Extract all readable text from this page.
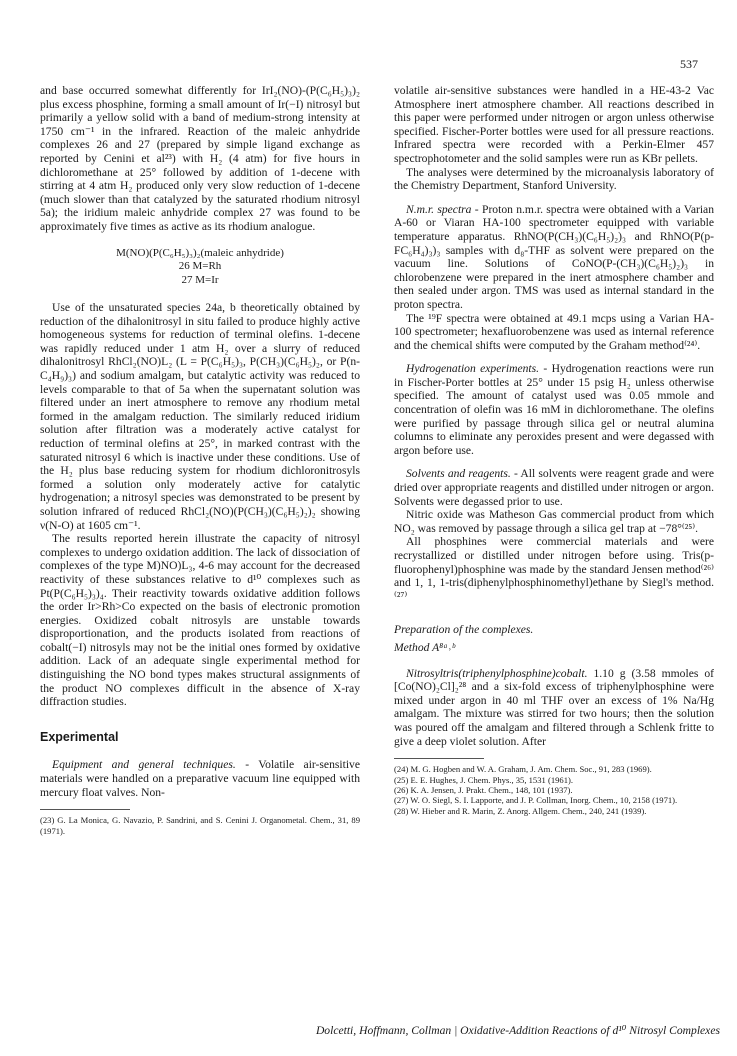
537

and base occurred somewhat differently for IrI₂(NO)-(P(C₆H₅)₃)₂ plus excess phosphine, forming a small amount of Ir(−I) nitrosyl but primarily a yellow solid with a band of medium-strong intensity at 1750 cm⁻¹ in the infrared. Reaction of the maleic anhydride complexes 26 and 27 (prepared by simple ligand exchange as reported by Cenini et al²³) with H₂ (4 atm) for five hours in dichloromethane at 25° followed by addition of 1-decene with stirring at 4 atm H₂ produced only very slow reduction of 1-decene (much slower than that catalyzed by the saturated rhodium nitrosyl 5a); the iridium maleic anhydride complex 27 was found to be approximately five times as active as its rhodium analogue.

M(NO)(P(C₆H₅)₃)₂(maleic anhydride)
26 M=Rh
27 M=Ir

Use of the unsaturated species 24a, b theoretically obtained by reduction of the dihalonitrosyl in situ failed to produce highly active homogeneous systems for reduction of terminal olefins. 1-decene was rapidly reduced under 1 atm H₂ over a slurry of reduced dihalonitrosyl RhCl₂(NO)L₂ (L = P(C₆H₅)₃, P(CH₃)(C₆H₅)₂, or P(n-C₄H₉)₃) and sodium amalgam, but catalytic activity was reduced to levels comparable to that of 5a when the supernatant solution was filtered under an inert atmosphere to remove any rhodium metal formed in the amalgam reduction. The similarly reduced iridium solution after filtration was a moderately active catalyst for reduction of terminal olefins at 25°, in marked contrast with the saturated nitrosyl 6 which is inactive under these conditions. Use of the H₂ plus base reducing system for rhodium dichloronitrosyls formed a solution only moderately active for catalytic hydrogenation; a nitrosyl species was demonstrated to be present by solution infrared of reduced RhCl₂(NO)(P(CH₃)(C₆H₅)₂)₂ showing ν(N-O) at 1605 cm⁻¹.

The results reported herein illustrate the capacity of nitrosyl complexes to undergo oxidation addition. The lack of dissociation of complexes of the type M)NO)L₃, 4-6 may account for the decreased reactivity of these substances relative to d¹⁰ complexes such as Pt(P(C₆H₅)₃)₄. Their reactivity towards oxidative addition follows the order Ir>Rh>Co expected on the basis of electronic promotion energies. Oxidized cobalt nitrosyls are unstable towards disproportionation, and the products isolated from reactions of cobalt(−I) nitrosyls may not be the initial ones formed by oxidative addition. Lack of an adequate single experimental method for distinguishing the NO bond types makes structural assignments of the product NO complexes difficult in the absence of X-ray diffraction studies.

Experimental

Equipment and general techniques. - Volatile air-sensitive materials were handled on a preparative vacuum line equipped with mercury float valves. Non-

(23) G. La Monica, G. Navazio, P. Sandrini, and S. Cenini J. Organometal. Chem., 31, 89 (1971).

volatile air-sensitive substances were handled in a HE-43-2 Vac Atmosphere inert atmosphere chamber. All reactions described in this paper were performed under nitrogen or argon unless otherwise specified. Fischer-Porter bottles were used for all pressure reactions. Infrared spectra were recorded with a Perkin-Elmer 457 spectrophotometer and the solid samples were run as KBr pellets.

The analyses were determined by the microanalysis laboratory of the Chemistry Department, Stanford University.

N.m.r. spectra - Proton n.m.r. spectra were obtained with a Varian A-60 or Viaran HA-100 spectrometer equipped with variable temperature apparatus. RhNO(P(CH₃)(C₆H₅)₂)₃ and RhNO(P(p-FC₆H₄)₃)₃ samples with d₈-THF as solvent were prepared on the vacuum line. Solutions of CoNO(P-(CH₃)(C₆H₅)₂)₃ in chlorobenzene were prepared in the inert atmosphere chamber and then sealed under argon. TMS was used as internal standard in the proton spectra.

The ¹⁹F spectra were obtained at 49.1 mcps using a Varian HA-100 spectrometer; hexafluorobenzene was used as internal reference and the chemical shifts were computed by the Graham method⁽²⁴⁾.

Hydrogenation experiments. - Hydrogenation reactions were run in Fischer-Porter bottles at 25° under 15 psig H₂ unless otherwise specified. The amount of catalyst used was 0.05 mmole and concentration of olefin was 16 mM in dichloromethane. The olefins were purified by passage through silica gel or neutral alumina columns to eliminate any peroxides present and were degassed with argon before use.

Solvents and reagents. - All solvents were reagent grade and were dried over appropriate reagents and distilled under nitrogen or argon. Solvents were degassed prior to use.

Nitric oxide was Matheson Gas commercial product from which NO₂ was removed by passage through a silica gel trap at −78°⁽²⁵⁾.

All phosphines were commercial materials and were recrystallized or distilled under nitrogen before using. Tris(p-fluorophenyl)phosphine was made by the standard Jensen method⁽²⁶⁾ and 1, 1, 1-tris(diphenylphosphinomethyl)ethane by Siegl's method.⁽²⁷⁾

Preparation of the complexes.
Method A⁸ᵃ˒ᵇ

Nitrosyltris(triphenylphosphine)cobalt. 1.10 g (3.58 mmoles of [Co(NO)₂Cl]₂²⁸ and a six-fold excess of triphenylphosphine were mixed under argon in 40 ml THF over an excess of 1% Na/Hg amalgam. The mixture was stirred for two hours; then the solution was poured off the amalgam and filtered through a Schlenk fritte to give a deep violet solution. After

(24) M. G. Hogben and W. A. Graham, J. Am. Chem. Soc., 91, 283 (1969).

(25) E. E. Hughes, J. Chem. Phys., 35, 1531 (1961).

(26) K. A. Jensen, J. Prakt. Chem., 148, 101 (1937).

(27) W. O. Siegl, S. I. Lapporte, and J. P. Collman, Inorg. Chem., 10, 2158 (1971).

(28) W. Hieber and R. Marin, Z. Anorg. Allgem. Chem., 240, 241 (1939).

Dolcetti, Hoffmann, Collman | Oxidative-Addition Reactions of d¹⁰ Nitrosyl Complexes
